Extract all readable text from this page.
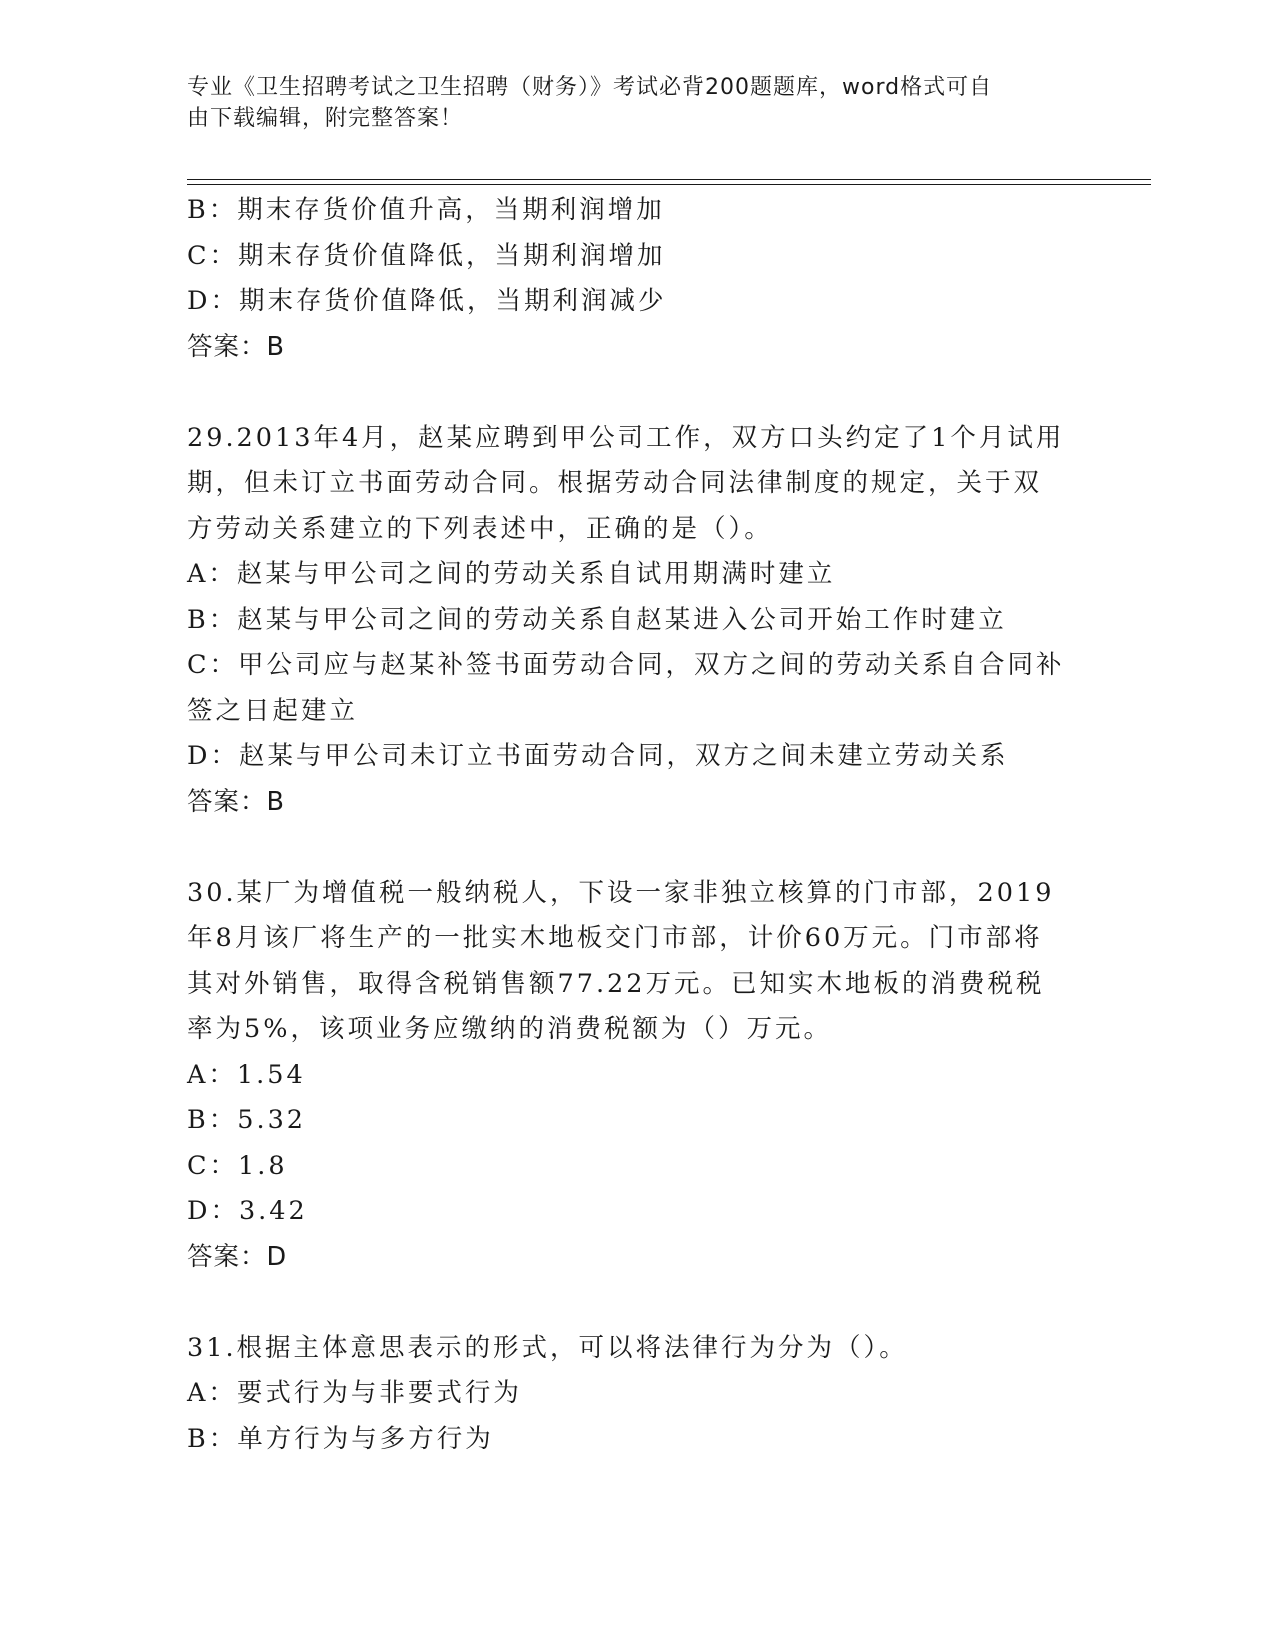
专业《卫生招聘考试之卫生招聘（财务）》考试必背200题题库，word格式可自
由下载编辑，附完整答案！

B：期末存货价值升高，当期利润增加

C：期末存货价值降低，当期利润增加

D：期末存货价值降低，当期利润减少

答案：B

29.2013年4月，赵某应聘到甲公司工作，双方口头约定了1个月试用

期，但未订立书面劳动合同。根据劳动合同法律制度的规定，关于双

方劳动关系建立的下列表述中，正确的是（）。

A：赵某与甲公司之间的劳动关系自试用期满时建立

B：赵某与甲公司之间的劳动关系自赵某进入公司开始工作时建立

C：甲公司应与赵某补签书面劳动合同，双方之间的劳动关系自合同补

签之日起建立

D：赵某与甲公司未订立书面劳动合同，双方之间未建立劳动关系

答案：B

30.某厂为增值税一般纳税人，下设一家非独立核算的门市部，2019

年8月该厂将生产的一批实木地板交门市部，计价60万元。门市部将

其对外销售，取得含税销售额77.22万元。已知实木地板的消费税税

率为5%，该项业务应缴纳的消费税额为（）万元。

A：1.54

B：5.32

C：1.8

D：3.42

答案：D

31.根据主体意思表示的形式，可以将法律行为分为（）。

A：要式行为与非要式行为

B：单方行为与多方行为
